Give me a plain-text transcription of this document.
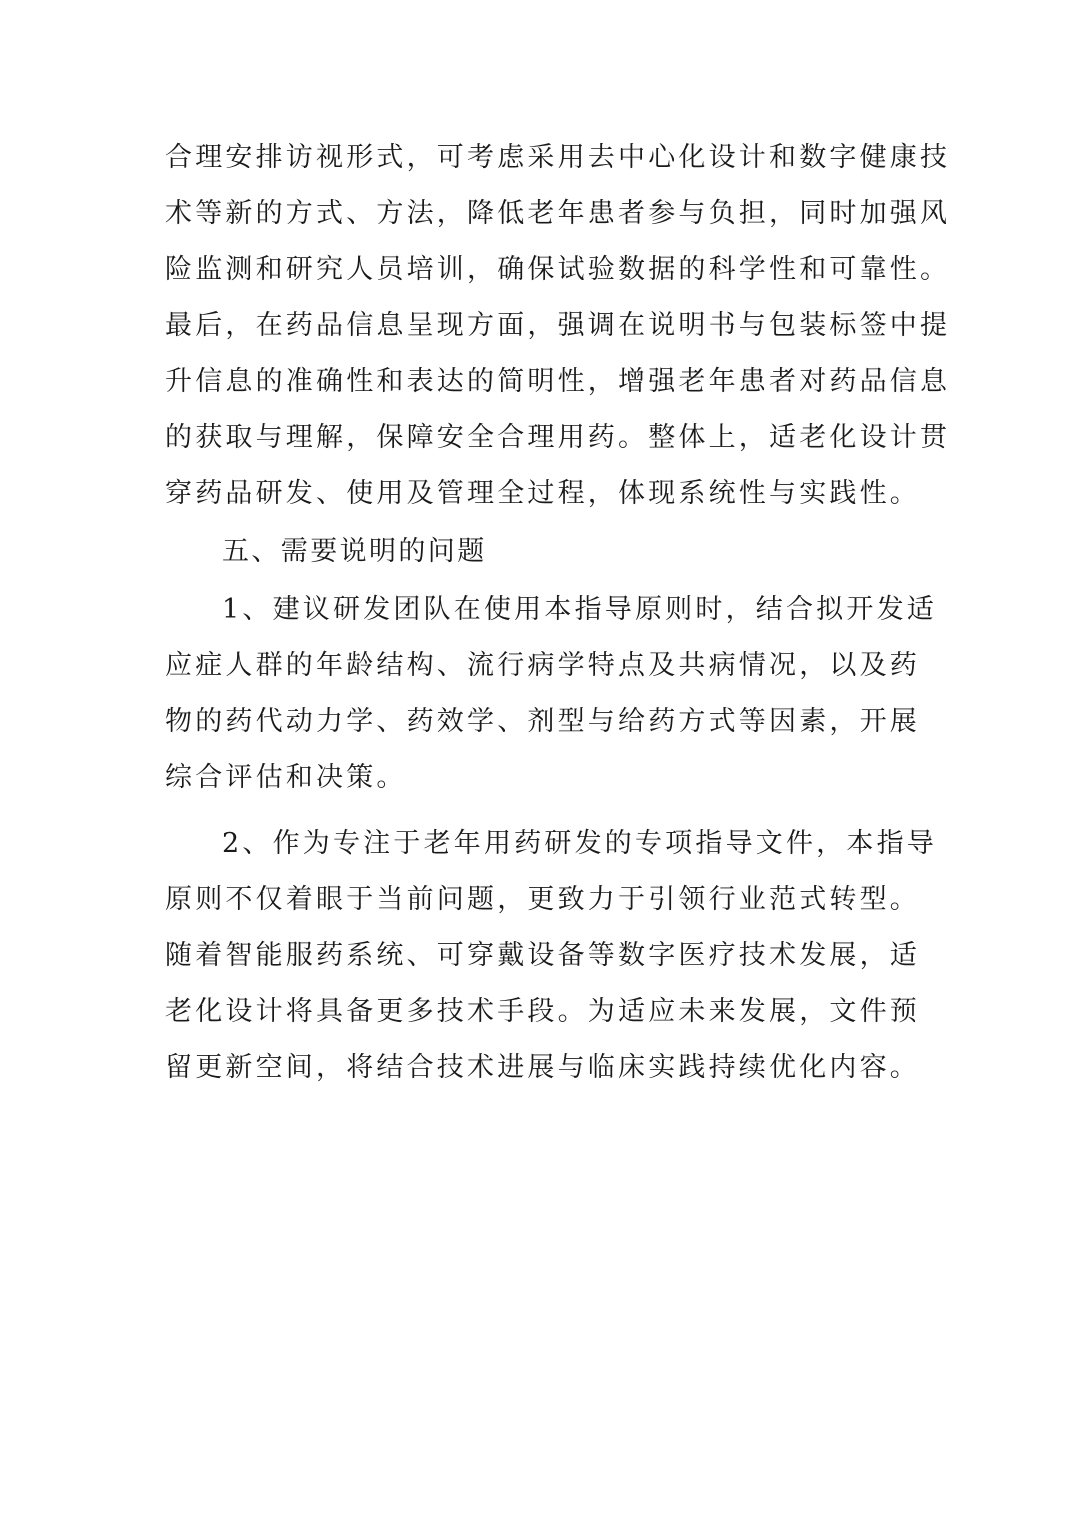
合理安排访视形式，可考虑采用去中心化设计和数字健康技
术等新的方式、方法，降低老年患者参与负担，同时加强风
险监测和研究人员培训，确保试验数据的科学性和可靠性。
最后，在药品信息呈现方面，强调在说明书与包装标签中提
升信息的准确性和表达的简明性，增强老年患者对药品信息
的获取与理解，保障安全合理用药。整体上，适老化设计贯
穿药品研发、使用及管理全过程，体现系统性与实践性。
五、需要说明的问题
1、建议研发团队在使用本指导原则时，结合拟开发适
应症人群的年龄结构、流行病学特点及共病情况，以及药
物的药代动力学、药效学、剂型与给药方式等因素，开展
综合评估和决策。
2、作为专注于老年用药研发的专项指导文件，本指导
原则不仅着眼于当前问题，更致力于引领行业范式转型。
随着智能服药系统、可穿戴设备等数字医疗技术发展，适
老化设计将具备更多技术手段。为适应未来发展，文件预
留更新空间，将结合技术进展与临床实践持续优化内容。
